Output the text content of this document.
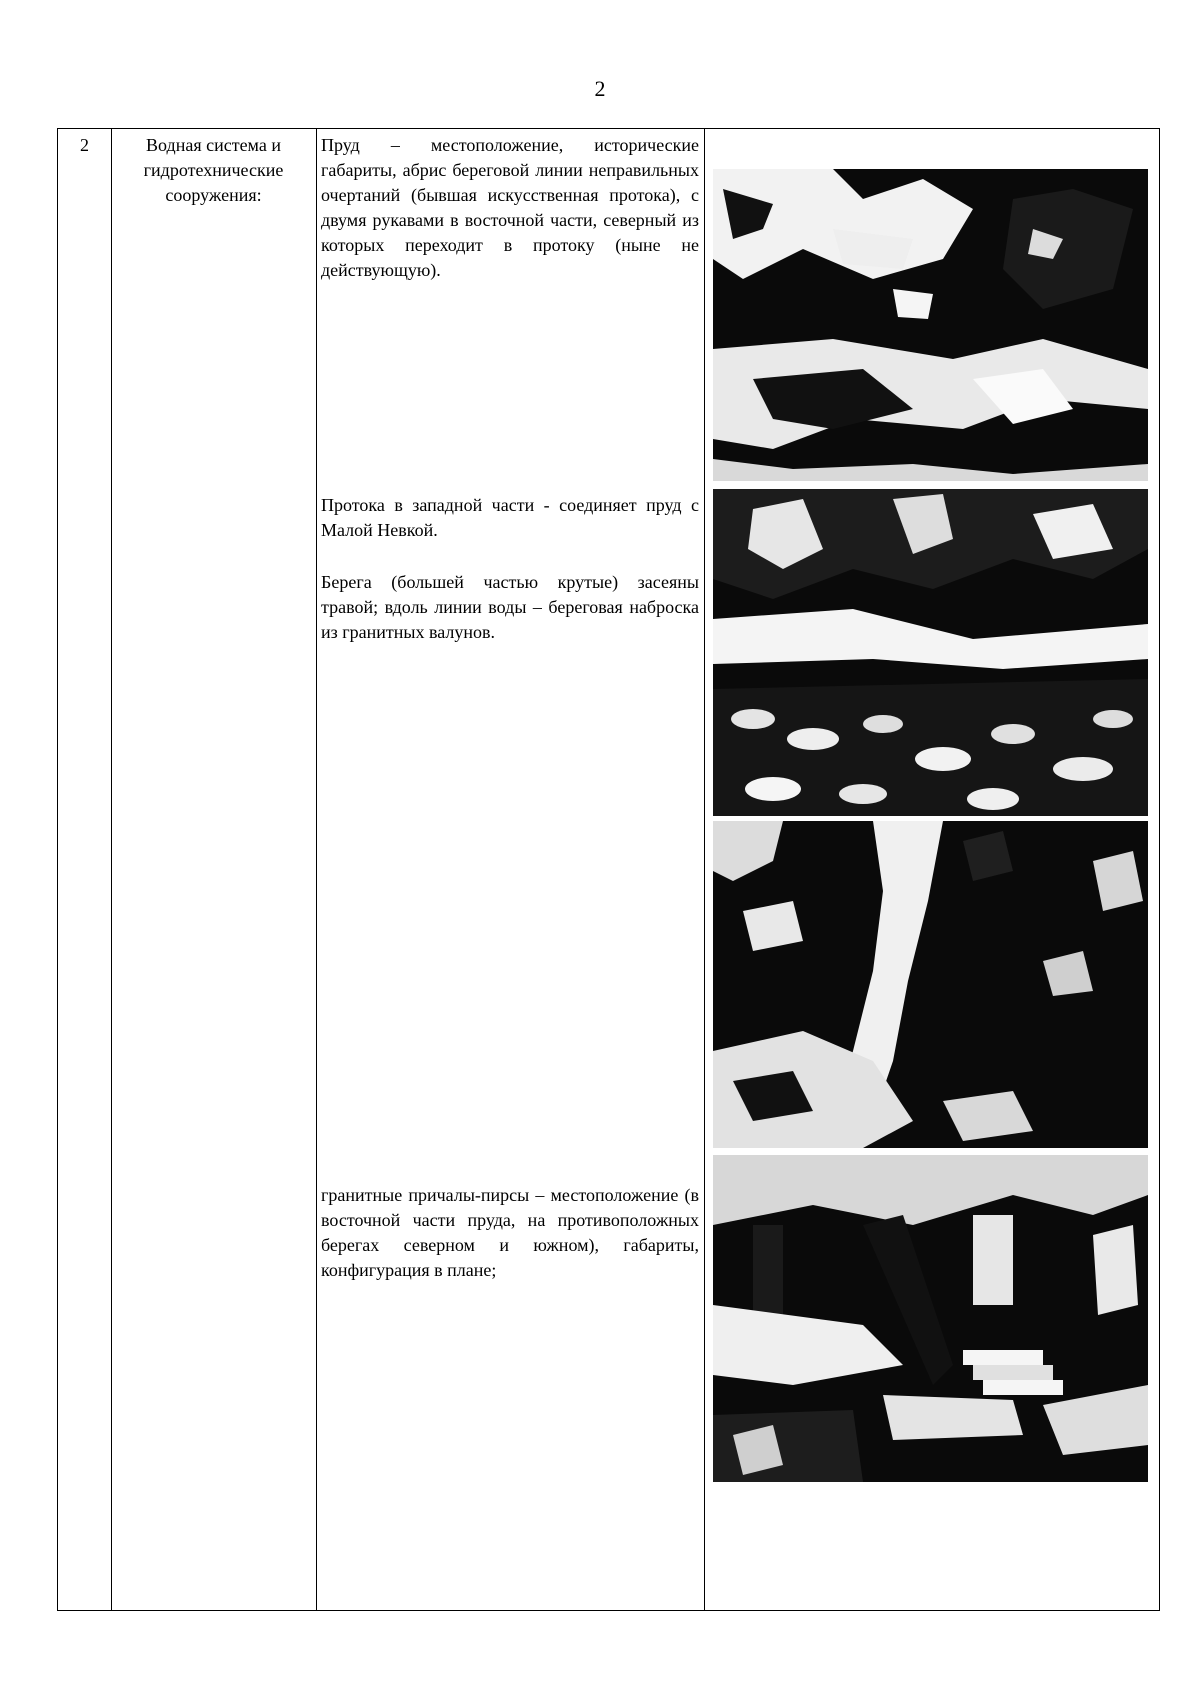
2
2	Водная система и гидротехнические сооружения:
Пруд – местоположение, исторические габариты, абрис береговой линии неправильных очертаний (бывшая искусственная протока), с двумя рукавами в восточной части, северный из которых переходит в протоку (ныне не действующую).
Протока в западной части - соединяет пруд с Малой Невкой.
Берега (большей частью крутые) засеяны травой; вдоль линии воды – береговая наброска из гранитных валунов.
гранитные причалы-пирсы – местоположение (в восточной части пруда, на противоположных берегах северном и южном), габариты, конфигурация в плане;
